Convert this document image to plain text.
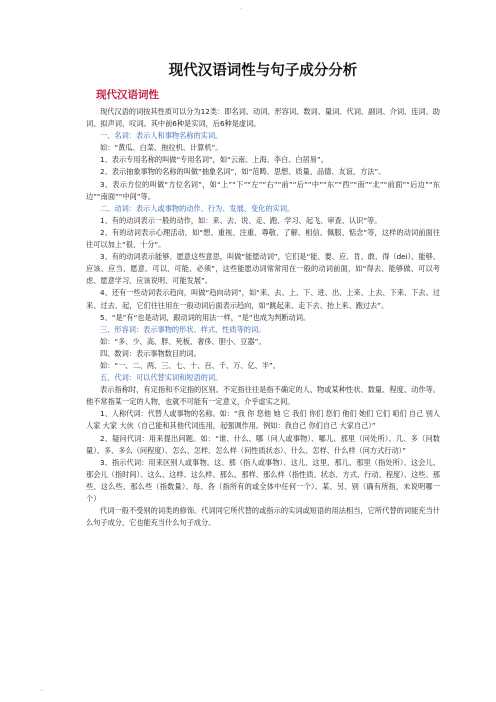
.
现代汉语词性与句子成分分析
现代汉语词性

现代汉语的词按其性质可以分为12类：即名词、动词、形容词、数词、量词、代词、副词、介词、连词、助词、拟声词、叹词。其中前6种是实词，后6种是虚词。

一、名词：表示人和事物名称的实词。

如：“黄瓜、白菜、拖拉机、计算机”。

1、表示专用名称的叫做“专用名词”，如“云南、上海、李白、白居易”。

2、表示抽象事物的名称的叫做“抽象名词”，如“范畴、思想、质量、品德、友谊、方法”。

3、表示方位的叫做“方位名词”，如“上”“下”“左”“右”“前”“后”“中”“东”“西”“南”“北”“前面”“后边”“东边”“南面”“中间”等。

二、动词：表示人或事物的动作、行为、发展、变化的实词。

1、有的动词表示一般的动作，如：来、去、说、走、跑、学习、起飞、审查、认识”等。

2、有的动词表示心理活动，如“想、重视、注重、尊敬、了解、相信、佩服、惦念”等，这样的动词前面往往可以加上“很、十分”。

3、有的动词表示能够、愿意这些意思，叫做“能愿动词”，它们是“能、要、应、肯、敢、得（dei）、能够、应该、应当、愿意、可以、可能、必须”，这些能愿动词常常用在一般的动词前面，如“得去、能够做、可以考虑、愿意学习、应该说明、可能发展”。

4、还有一些动词表示趋向，叫做“趋向动词”，如“来、去、上、下、进、出、上来、上去、下来、下去、过来、过去、起，它们往往用在一般动词后面表示趋向，如“跳起来、走下去、抬上来、跑过去”。

5、“是”有“也是动词，跟动词的用法一样，“是”也成为判断动词。

三、形容词：表示事物的形状、样式、性质等的词。

如：“多、少、高、胖、死板、奢侈、胆小、豆器”。

四、数词：表示事物数目的词。

如：“一、二、两、三、七、十、百、千、万、亿、半”。

五、代词：可以代替实词和短语的词。

表示指称时，有定指和不定指的区别。不定指往往是指不确定的人、物或某种性状、数量、程度、动作等。他不常指某一定的人物，也就不可能有一定意义，介乎虚实之间。

1、人称代词：代替人或事物的名称。如：“我 你 您他 她 它 我们 你们 您们 他们 她们 它们 咱们 自己 别人 人家 大家 大伙（自己能和其他代词连用，起强调作用。例如：我自己 你们自己 大家自己）”

2、疑问代词：用来提出问题。如：“谁、什么、哪（问人或事物）、哪儿、那里（问处所）、几、多（问数量）、多、多么（问程度）、怎么、怎样、怎么样（问性质状态）、什么、怎样、什么样（问方式行动）”

3、指示代词：用来区别人或事物。这、那（指人或事物）、这儿、这里、那儿、那里（指处所）、这会儿、那会儿（指时间）、这么、这样、这么样、那么、那样、那么样（指性质、状态、方式、行动、程度）、这些、那些、这么些、那么些（指数量）、每、各（指所有的或全体中任何一个）、某、另、别（确有所指，未说明哪一个）

代词一般不受别的词类的修饰。代词同它所代替的或指示的实词或短语的用法相当，它所代替的词能充当什么句子成分，它也能充当什么句子成分。

..
